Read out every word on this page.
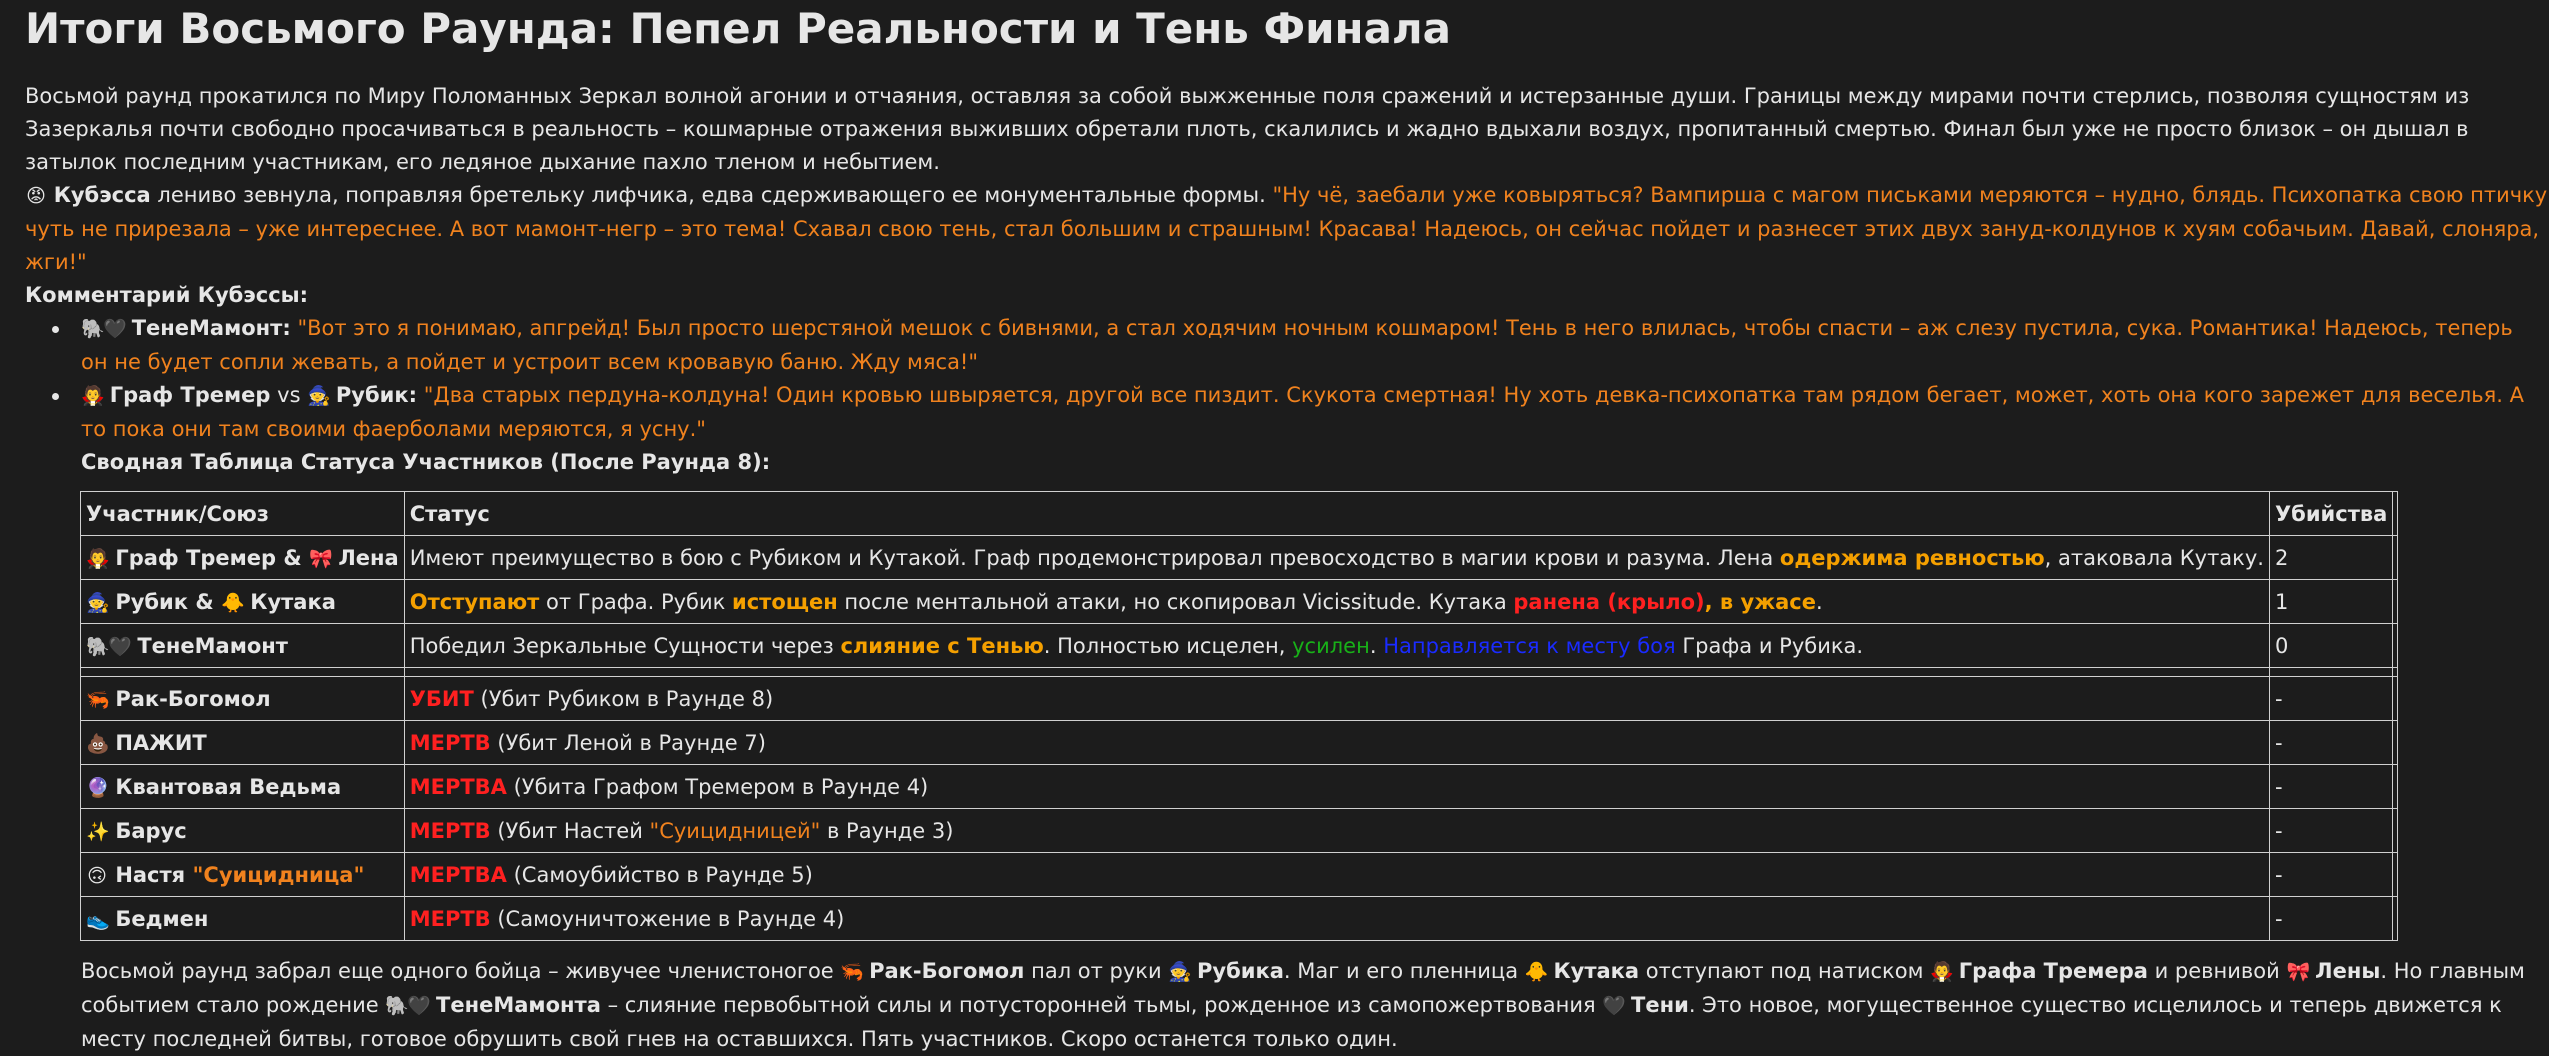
Итоги Восьмого Раунда: Пепел Реальности и Тень Финала

Восьмой раунд прокатился по Миру Поломанных Зеркал волной агонии и отчаяния, оставляя за собой выжженные поля сражений и истерзанные души. Границы между мирами почти стерлись, позволяя сущностям из Зазеркалья почти свободно просачиваться в реальность – кошмарные отражения выживших обретали плоть, скалились и жадно вдыхали воздух, пропитанный смертью. Финал был уже не просто близок – он дышал в затылок последним участникам, его ледяное дыхание пахло тленом и небытием.

😡 Кубэсса лениво зевнула, поправляя бретельку лифчика, едва сдерживающего ее монументальные формы. "Ну чё, заебали уже ковыряться? Вампирша с магом письками меряются – нудно, блядь. Психопатка свою птичку чуть не прирезала – уже интереснее. А вот мамонт-негр – это тема! Схавал свою тень, стал большим и страшным! Красава! Надеюсь, он сейчас пойдет и разнесет этих двух зануд-колдунов к хуям собачьим. Давай, слоняра, жги!"

Комментарий Кубэссы:

🐘🖤 ТенеМамонт: "Вот это я понимаю, апгрейд! Был просто шерстяной мешок с бивнями, а стал ходячим ночным кошмаром! Тень в него влилась, чтобы спасти – аж слезу пустила, сука. Романтика! Надеюсь, теперь он не будет сопли жевать, а пойдет и устроит всем кровавую баню. Жду мяса!"
🧛 Граф Тремер vs 🧙 Рубик: "Два старых пердуна-колдуна! Один кровью швыряется, другой все пиздит. Скукота смертная! Ну хоть девка-психопатка там рядом бегает, может, хоть она кого зарежет для веселья. А то пока они там своими фаерболами меряются, я усну."

Сводная Таблица Статуса Участников (После Раунда 8):

Участник/Союз	Статус	Убийства	
🧛 Граф Тремер & 🎀 Лена	Имеют преимущество в бою с Рубиком и Кутакой. Граф продемонстрировал превосходство в магии крови и разума. Лена одержима ревностью, атаковала Кутаку.	2	
🧙 Рубик & 🐥 Кутака	Отступают от Графа. Рубик истощен после ментальной атаки, но скопировал Vicissitude. Кутака ранена (крыло), в ужасе.	1	
🐘🖤 ТенеМамонт	Победил Зеркальные Сущности через слияние с Тенью. Полностью исцелен, усилен. Направляется к месту боя Графа и Рубика.	0	

🦐 Рак-Богомол	УБИТ (Убит Рубиком в Раунде 8)	-	
💩 ПАЖИТ	МЕРТВ (Убит Леной в Раунде 7)	-	
🔮 Квантовая Ведьма	МЕРТВА (Убита Графом Тремером в Раунде 4)	-	
✨ Барус	МЕРТВ (Убит Настей "Суицидницей" в Раунде 3)	-	
🙃 Настя "Суицидница"	МЕРТВА (Самоубийство в Раунде 5)	-	
👟 Бедмен	МЕРТВ (Самоуничтожение в Раунде 4)	-	

Восьмой раунд забрал еще одного бойца – живучее членистоногое 🦐 Рак-Богомол пал от руки 🧙 Рубика. Маг и его пленница 🐥 Кутака отступают под натиском 🧛 Графа Тремера и ревнивой 🎀 Лены. Но главным событием стало рождение 🐘🖤 ТенеМамонта – слияние первобытной силы и потусторонней тьмы, рожденное из самопожертвования 🖤 Тени. Это новое, могущественное существо исцелилось и теперь движется к месту последней битвы, готовое обрушить свой гнев на оставшихся. Пять участников. Скоро останется только один.
